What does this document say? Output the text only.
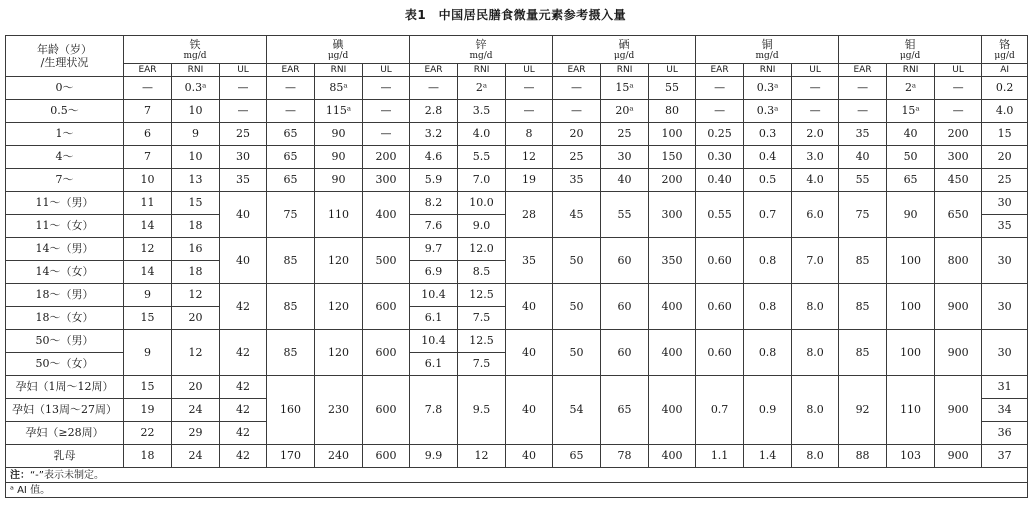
表1　中国居民膳食微量元素参考摄入量
年龄（岁）
/生理状况	铁
mg/d			碘
μg/d			锌
mg/d			硒
μg/d			铜
mg/d			钼
μg/d			铬
μg/d

	EAR	RNI	UL	EAR	RNI	UL	EAR	RNI	UL	EAR	RNI	UL	EAR	RNI	UL	EAR	RNI	UL	AI
0～	—	0.3ᵃ	—	—	85ᵃ	—	—	2ᵃ	—	—	15ᵃ	55	—	0.3ᵃ	—	—	2ᵃ	—	0.2
0.5～	7	10	—	—	115ᵃ	—	2.8	3.5	—	—	20ᵃ	80	—	0.3ᵃ	—	—	15ᵃ	—	4.0
1～	6	9	25	65	90	—	3.2	4.0	8	20	25	100	0.25	0.3	2.0	35	40	200	15
4～	7	10	30	65	90	200	4.6	5.5	12	25	30	150	0.30	0.4	3.0	40	50	300	20
7～	10	13	35	65	90	300	5.9	7.0	19	35	40	200	0.40	0.5	4.0	55	65	450	25
11～（男）	11	15	40	75	110	400	8.2	10.0	28	45	55	300	0.55	0.7	6.0	75	90	650	30
11～（女）	14	18					7.6	9.0											35
14～（男）	12	16	40	85	120	500	9.7	12.0	35	50	60	350	0.60	0.8	7.0	85	100	800	30
14～（女）	14	18					6.9	8.5											
18～（男）	9	12	42	85	120	600	10.4	12.5	40	50	60	400	0.60	0.8	8.0	85	100	900	30
18～（女）	15	20					6.1	7.5											
50～（男）	9	12	42	85	120	600	10.4	12.5	40	50	60	400	0.60	0.8	8.0	85	100	900	30
50～（女）							6.1	7.5											
孕妇（1周～12周）	15	20	42	160	230	600	7.8	9.5	40	54	65	400	0.7	0.9	8.0	92	110	900	31
孕妇（13周～27周）	19	24	42																34
孕妇（≥28周）	22	29	42																36
乳母	18	24	42	170	240	600	9.9	12	40	65	78	400	1.1	1.4	8.0	88	103	900	37
注：“-”表示未制定。																			
ᵃ AI 值。																			
